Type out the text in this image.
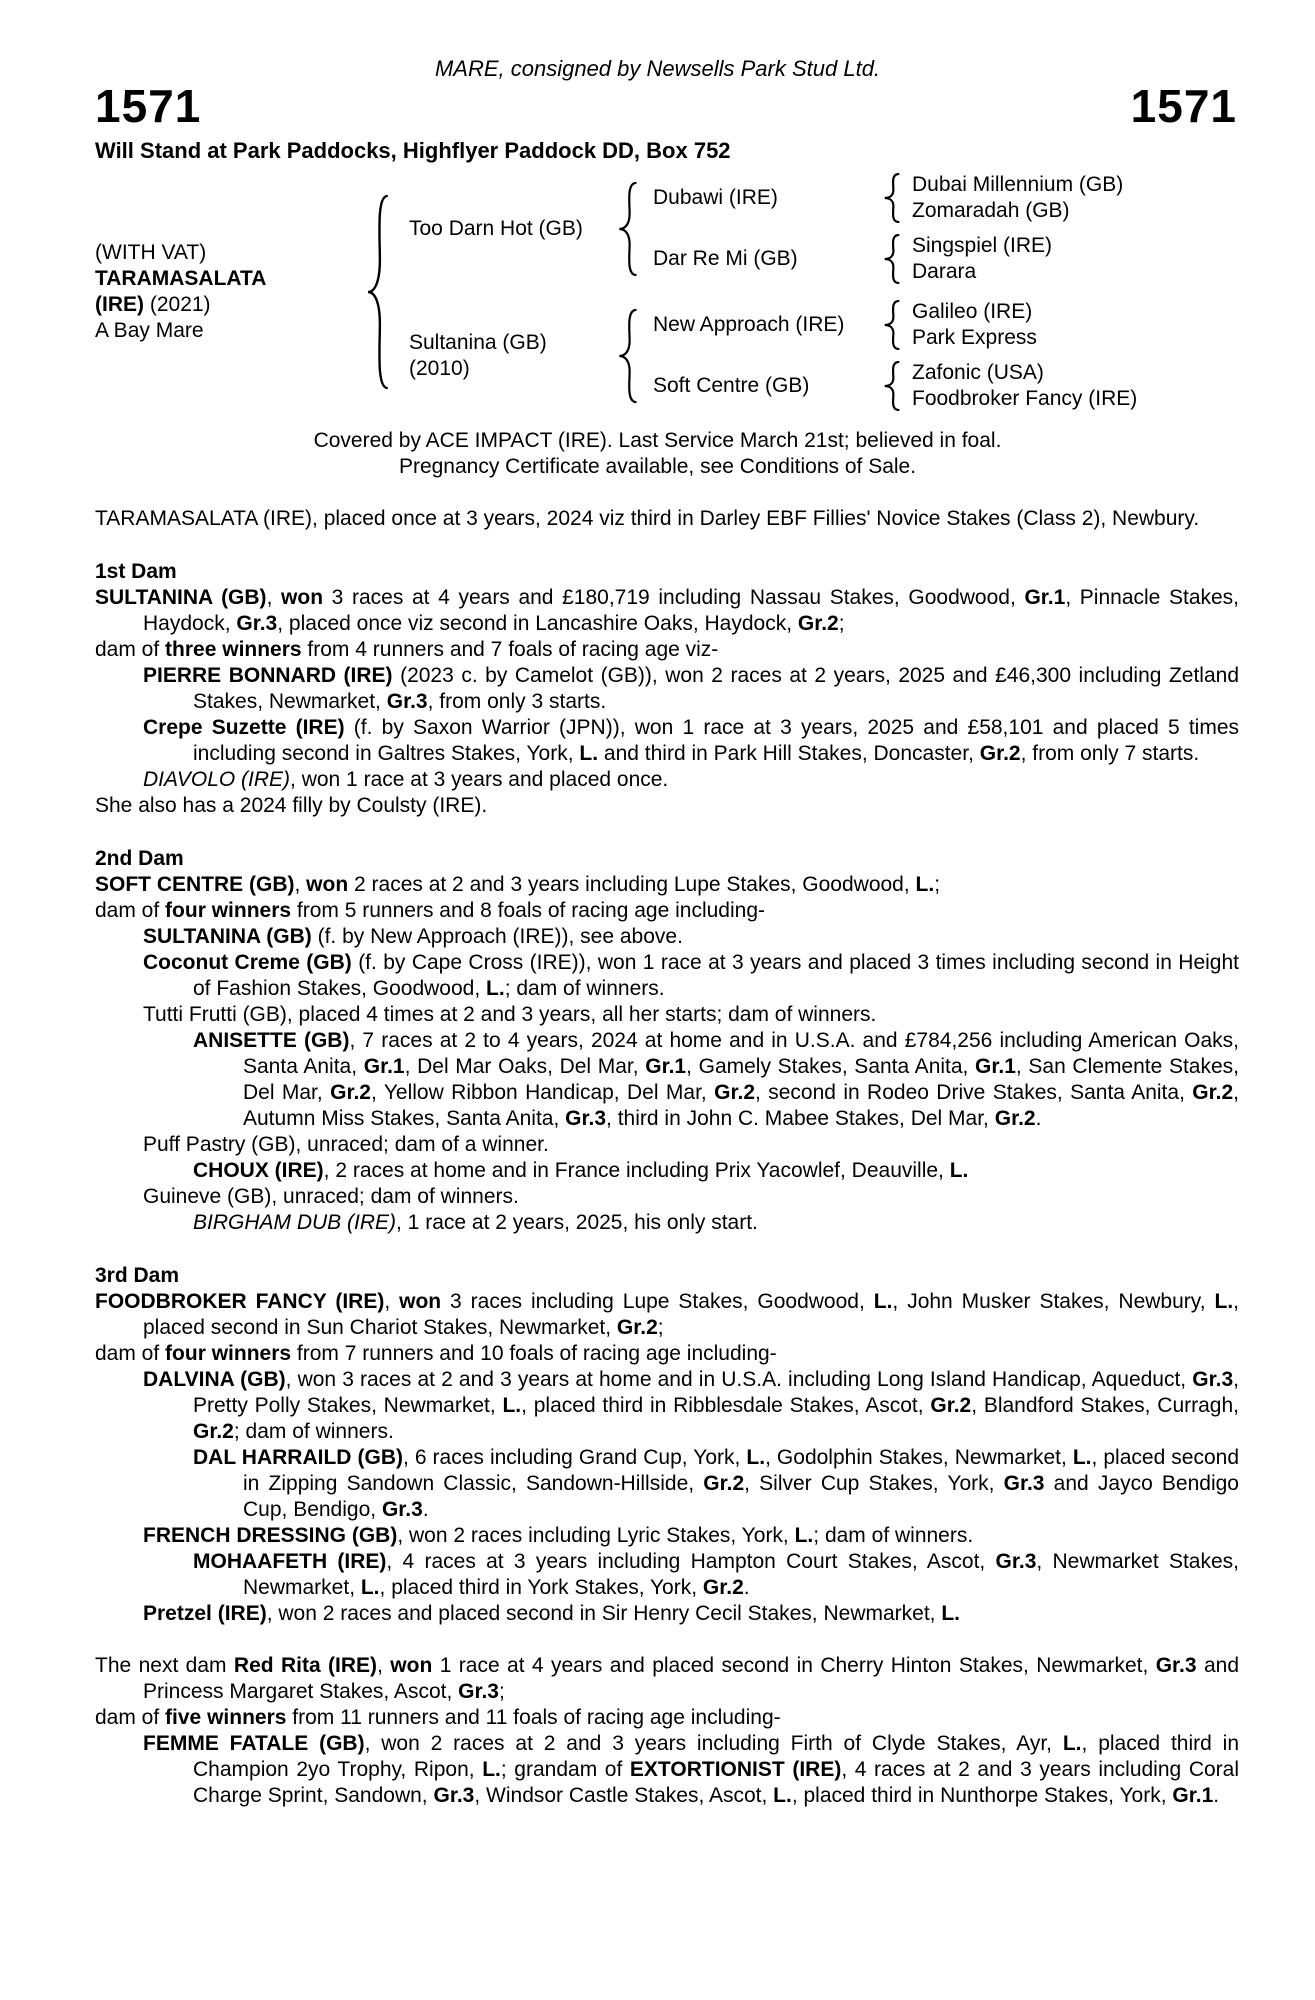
MARE, consigned by Newsells Park Stud Ltd.
1571	1571
Will Stand at Park Paddocks, Highflyer Paddock DD, Box 752
(WITH VAT)
TARAMASALATA
(IRE) (2021)
A Bay Mare
Too Darn Hot (GB)
Dubawi (IRE)
Dubai Millennium (GB)
Zomaradah (GB)
Dar Re Mi (GB)
Singspiel (IRE)
Darara
Sultanina (GB)
(2010)
New Approach (IRE)
Galileo (IRE)
Park Express
Soft Centre (GB)
Zafonic (USA)
Foodbroker Fancy (IRE)
Covered by ACE IMPACT (IRE). Last Service March 21st; believed in foal.
Pregnancy Certificate available, see Conditions of Sale.
TARAMASALATA (IRE), placed once at 3 years, 2024 viz third in Darley EBF Fillies' Novice Stakes (Class 2), Newbury.
1st Dam
SULTANINA (GB), won 3 races at 4 years and £180,719 including Nassau Stakes, Goodwood, Gr.1, Pinnacle Stakes, Haydock, Gr.3, placed once viz second in Lancashire Oaks, Haydock, Gr.2;
dam of three winners from 4 runners and 7 foals of racing age viz-
PIERRE BONNARD (IRE) (2023 c. by Camelot (GB)), won 2 races at 2 years, 2025 and £46,300 including Zetland Stakes, Newmarket, Gr.3, from only 3 starts.
Crepe Suzette (IRE) (f. by Saxon Warrior (JPN)), won 1 race at 3 years, 2025 and £58,101 and placed 5 times including second in Galtres Stakes, York, L. and third in Park Hill Stakes, Doncaster, Gr.2, from only 7 starts.
DIAVOLO (IRE), won 1 race at 3 years and placed once.
She also has a 2024 filly by Coulsty (IRE).
2nd Dam
SOFT CENTRE (GB), won 2 races at 2 and 3 years including Lupe Stakes, Goodwood, L.;
dam of four winners from 5 runners and 8 foals of racing age including-
SULTANINA (GB) (f. by New Approach (IRE)), see above.
Coconut Creme (GB) (f. by Cape Cross (IRE)), won 1 race at 3 years and placed 3 times including second in Height of Fashion Stakes, Goodwood, L.; dam of winners.
Tutti Frutti (GB), placed 4 times at 2 and 3 years, all her starts; dam of winners.
ANISETTE (GB), 7 races at 2 to 4 years, 2024 at home and in U.S.A. and £784,256 including American Oaks, Santa Anita, Gr.1, Del Mar Oaks, Del Mar, Gr.1, Gamely Stakes, Santa Anita, Gr.1, San Clemente Stakes, Del Mar, Gr.2, Yellow Ribbon Handicap, Del Mar, Gr.2, second in Rodeo Drive Stakes, Santa Anita, Gr.2, Autumn Miss Stakes, Santa Anita, Gr.3, third in John C. Mabee Stakes, Del Mar, Gr.2.
Puff Pastry (GB), unraced; dam of a winner.
CHOUX (IRE), 2 races at home and in France including Prix Yacowlef, Deauville, L.
Guineve (GB), unraced; dam of winners.
BIRGHAM DUB (IRE), 1 race at 2 years, 2025, his only start.
3rd Dam
FOODBROKER FANCY (IRE), won 3 races including Lupe Stakes, Goodwood, L., John Musker Stakes, Newbury, L., placed second in Sun Chariot Stakes, Newmarket, Gr.2;
dam of four winners from 7 runners and 10 foals of racing age including-
DALVINA (GB), won 3 races at 2 and 3 years at home and in U.S.A. including Long Island Handicap, Aqueduct, Gr.3, Pretty Polly Stakes, Newmarket, L., placed third in Ribblesdale Stakes, Ascot, Gr.2, Blandford Stakes, Curragh, Gr.2; dam of winners.
DAL HARRAILD (GB), 6 races including Grand Cup, York, L., Godolphin Stakes, Newmarket, L., placed second in Zipping Sandown Classic, Sandown-Hillside, Gr.2, Silver Cup Stakes, York, Gr.3 and Jayco Bendigo Cup, Bendigo, Gr.3.
FRENCH DRESSING (GB), won 2 races including Lyric Stakes, York, L.; dam of winners.
MOHAAFETH (IRE), 4 races at 3 years including Hampton Court Stakes, Ascot, Gr.3, Newmarket Stakes, Newmarket, L., placed third in York Stakes, York, Gr.2.
Pretzel (IRE), won 2 races and placed second in Sir Henry Cecil Stakes, Newmarket, L.
The next dam Red Rita (IRE), won 1 race at 4 years and placed second in Cherry Hinton Stakes, Newmarket, Gr.3 and Princess Margaret Stakes, Ascot, Gr.3;
dam of five winners from 11 runners and 11 foals of racing age including-
FEMME FATALE (GB), won 2 races at 2 and 3 years including Firth of Clyde Stakes, Ayr, L., placed third in Champion 2yo Trophy, Ripon, L.; grandam of EXTORTIONIST (IRE), 4 races at 2 and 3 years including Coral Charge Sprint, Sandown, Gr.3, Windsor Castle Stakes, Ascot, L., placed third in Nunthorpe Stakes, York, Gr.1.
